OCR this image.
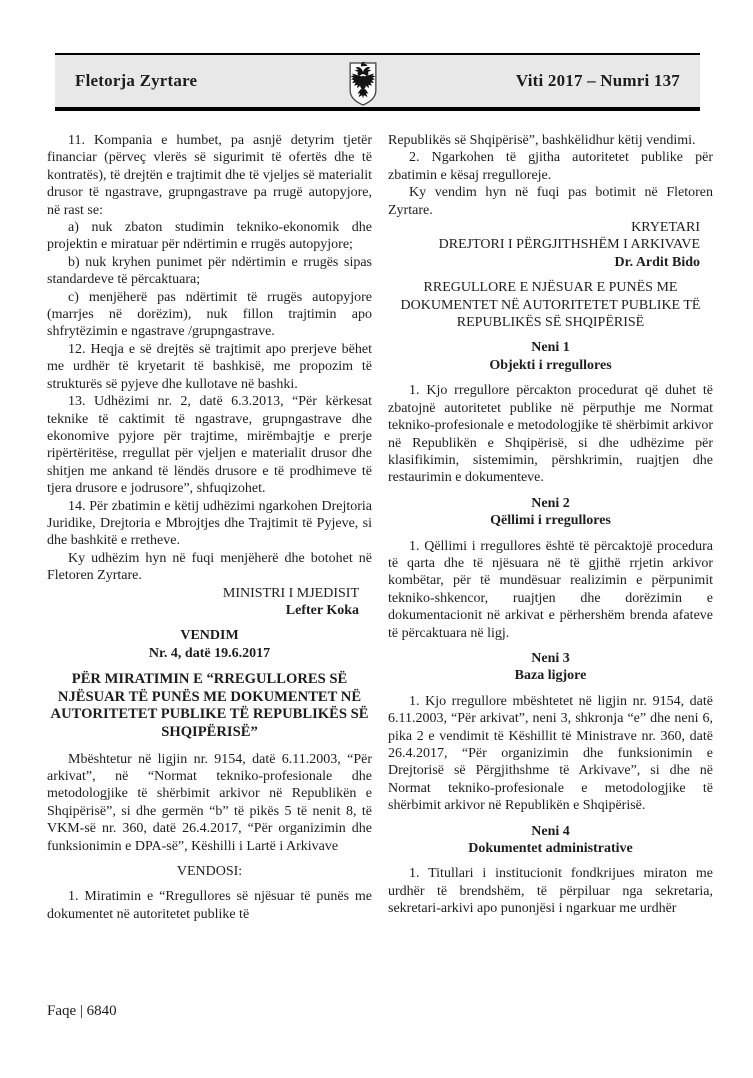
Fletorja Zyrtare	Viti 2017 – Numri 137
11. Kompania e humbet, pa asnjë detyrim tjetër financiar (përveç vlerës së sigurimit të ofertës dhe të kontratës), të drejtën e trajtimit dhe të vjeljes së materialit drusor të ngastrave, grupngastrave pa rrugë autopyjore, në rast se:
a) nuk zbaton studimin tekniko-ekonomik dhe projektin e miratuar për ndërtimin e rrugës autopyjore;
b) nuk kryhen punimet për ndërtimin e rrugës sipas standardeve të përcaktuara;
c) menjëherë pas ndërtimit të rrugës autopyjore (marrjes në dorëzim), nuk fillon trajtimin apo shfrytëzimin e ngastrave /grupngastrave.
12. Heqja e së drejtës së trajtimit apo prerjeve bëhet me urdhër të kryetarit të bashkisë, me propozim të strukturës së pyjeve dhe kullotave në bashki.
13. Udhëzimi nr. 2, datë 6.3.2013, “Për kërkesat teknike të caktimit të ngastrave, grupngastrave dhe ekonomive pyjore për trajtime, mirëmbajtje e prerje ripërtëritëse, rregullat për vjeljen e materialit drusor dhe shitjen me ankand të lëndës drusore e të prodhimeve të tjera drusore e jodrusore”, shfuqizohet.
14. Për zbatimin e këtij udhëzimi ngarkohen Drejtoria Juridike, Drejtoria e Mbrojtjes dhe Trajtimit të Pyjeve, si dhe bashkitë e rretheve.
Ky udhëzim hyn në fuqi menjëherë dhe botohet në Fletoren Zyrtare.
MINISTRI I MJEDISIT
Lefter Koka
VENDIM
Nr. 4, datë 19.6.2017
PËR MIRATIMIN E “RREGULLORES SË NJËSUAR TË PUNËS ME DOKUMENTET NË AUTORITETET PUBLIKE TË REPUBLIKËS SË SHQIPËRISË”
Mbështetur në ligjin nr. 9154, datë 6.11.2003, “Për arkivat”, në “Normat tekniko-profesionale dhe metodologjike të shërbimit arkivor në Republikën e Shqipërisë”, si dhe germën “b” të pikës 5 të nenit 8, të VKM-së nr. 360, datë 26.4.2017, “Për organizimin dhe funksionimin e DPA-së”, Këshilli i Lartë i Arkivave
VENDOSI:
1. Miratimin e “Rregullores së njësuar të punës me dokumentet në autoritetet publike të
Republikës së Shqipërisë”, bashkëlidhur këtij vendimi.
2. Ngarkohen të gjitha autoritetet publike për zbatimin e kësaj rregulloreje.
Ky vendim hyn në fuqi pas botimit në Fletoren Zyrtare.
KRYETARI
DREJTORI I PËRGJITHSHËM I ARKIVAVE
Dr. Ardit Bido
RREGULLORE E NJËSUAR E PUNËS ME DOKUMENTET NË AUTORITETET PUBLIKE TË REPUBLIKËS SË SHQIPËRISË
Neni 1
Objekti i rregullores
1. Kjo rregullore përcakton procedurat që duhet të zbatojnë autoritetet publike në përputhje me Normat tekniko-profesionale e metodologjike të shërbimit arkivor në Republikën e Shqipërisë, si dhe udhëzime për klasifikimin, sistemimin, përshkrimin, ruajtjen dhe restaurimin e dokumenteve.
Neni 2
Qëllimi i rregullores
1. Qëllimi i rregullores është të përcaktojë procedura të qarta dhe të njësuara në të gjithë rrjetin arkivor kombëtar, për të mundësuar realizimin e përpunimit tekniko-shkencor, ruajtjen dhe dorëzimin e dokumentacionit në arkivat e përhershëm brenda afateve të përcaktuara në ligj.
Neni 3
Baza ligjore
1. Kjo rregullore mbështetet në ligjin nr. 9154, datë 6.11.2003, “Për arkivat”, neni 3, shkronja “e” dhe neni 6, pika 2 e vendimit të Këshillit të Ministrave nr. 360, datë 26.4.2017, “Për organizimin dhe funksionimin e Drejtorisë së Përgjithshme të Arkivave”, si dhe në Normat tekniko-profesionale e metodologjike të shërbimit arkivor në Republikën e Shqipërisë.
Neni 4
Dokumentet administrative
1. Titullari i institucionit fondkrijues miraton me urdhër të brendshëm, të përpiluar nga sekretaria, sekretari-arkivi apo punonjësi i ngarkuar me urdhër
Faqe | 6840
